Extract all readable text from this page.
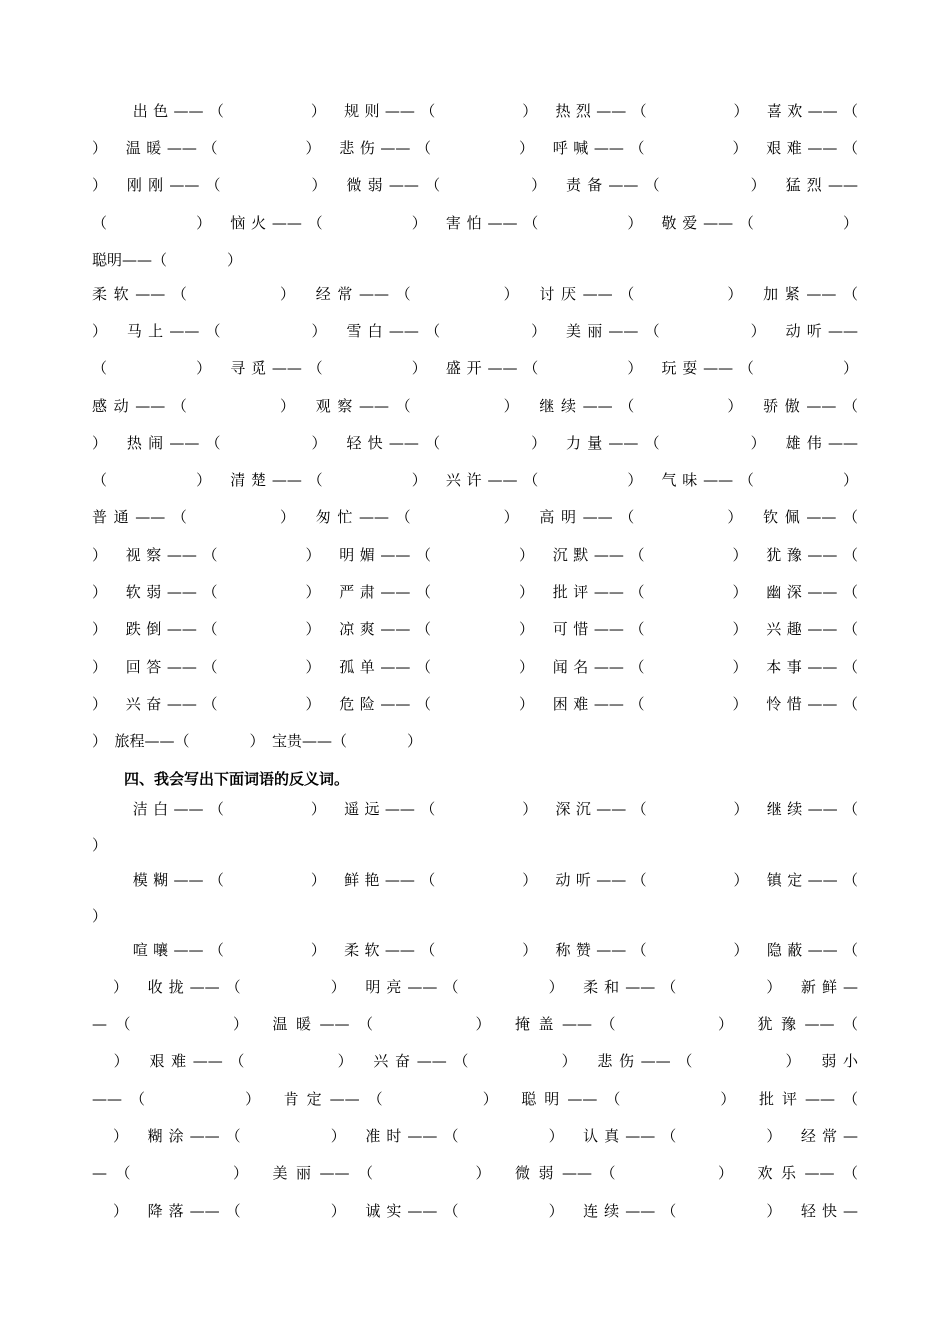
　　出色——（　　　　）　规则——（　　　　）　热烈——（　　　　）　喜欢——（
）　温暖——（　　　　）　悲伤——（　　　　）　呼喊——（　　　　）　艰难——（
）　刚刚——（　　　　）　微弱——（　　　　）　责备——（　　　　）　猛烈——
（　　　　）　恼火——（　　　　）　害怕——（　　　　）　敬爱——（　　　　）
聪明——（　　　　）
柔软——（　　　　）　经常——（　　　　）　讨厌——（　　　　）　加紧——（
）　马上——（　　　　）　雪白——（　　　　）　美丽——（　　　　）　动听——
（　　　　）　寻觅——（　　　　）　盛开——（　　　　）　玩耍——（　　　　）
感动——（　　　　）　观察——（　　　　）　继续——（　　　　）　骄傲——（
）　热闹——（　　　　）　轻快——（　　　　）　力量——（　　　　）　雄伟——
（　　　　）　清楚——（　　　　）　兴许——（　　　　）　气味——（　　　　）
普通——（　　　　）　匆忙——（　　　　）　高明——（　　　　）　钦佩——（
）　视察——（　　　　）　明媚——（　　　　）　沉默——（　　　　）　犹豫——（
）　软弱——（　　　　）　严肃——（　　　　）　批评——（　　　　）　幽深——（
）　跌倒——（　　　　）　凉爽——（　　　　）　可惜——（　　　　）　兴趣——（
）　回答——（　　　　）　孤单——（　　　　）　闻名——（　　　　）　本事——（
）　兴奋——（　　　　）　危险——（　　　　）　困难——（　　　　）　怜惜——（
）　旅程——（　　　　）　宝贵——（　　　　）
四、我会写出下面词语的反义词。
　　洁白——（　　　　）　遥远——（　　　　）　深沉——（　　　　）　继续——（
）
　　模糊——（　　　　）　鲜艳——（　　　　）　动听——（　　　　）　镇定——（
）
　　喧嚷——（　　　　）　柔软——（　　　　）　称赞——（　　　　）　隐蔽——（
　）　收拢——（　　　　）　明亮——（　　　　）　柔和——（　　　　）　新鲜—
—（　　　　）　温暖——（　　　　）　掩盖——（　　　　）　犹豫——（
　）　艰难——（　　　　）　兴奋——（　　　　）　悲伤——（　　　　）　弱小
——（　　　　）　肯定——（　　　　）　聪明——（　　　　）　批评——（
　）　糊涂——（　　　　）　准时——（　　　　）　认真——（　　　　）　经常—
—（　　　　）　美丽——（　　　　）　微弱——（　　　　）　欢乐——（
　）　降落——（　　　　）　诚实——（　　　　）　连续——（　　　　）　轻快—
